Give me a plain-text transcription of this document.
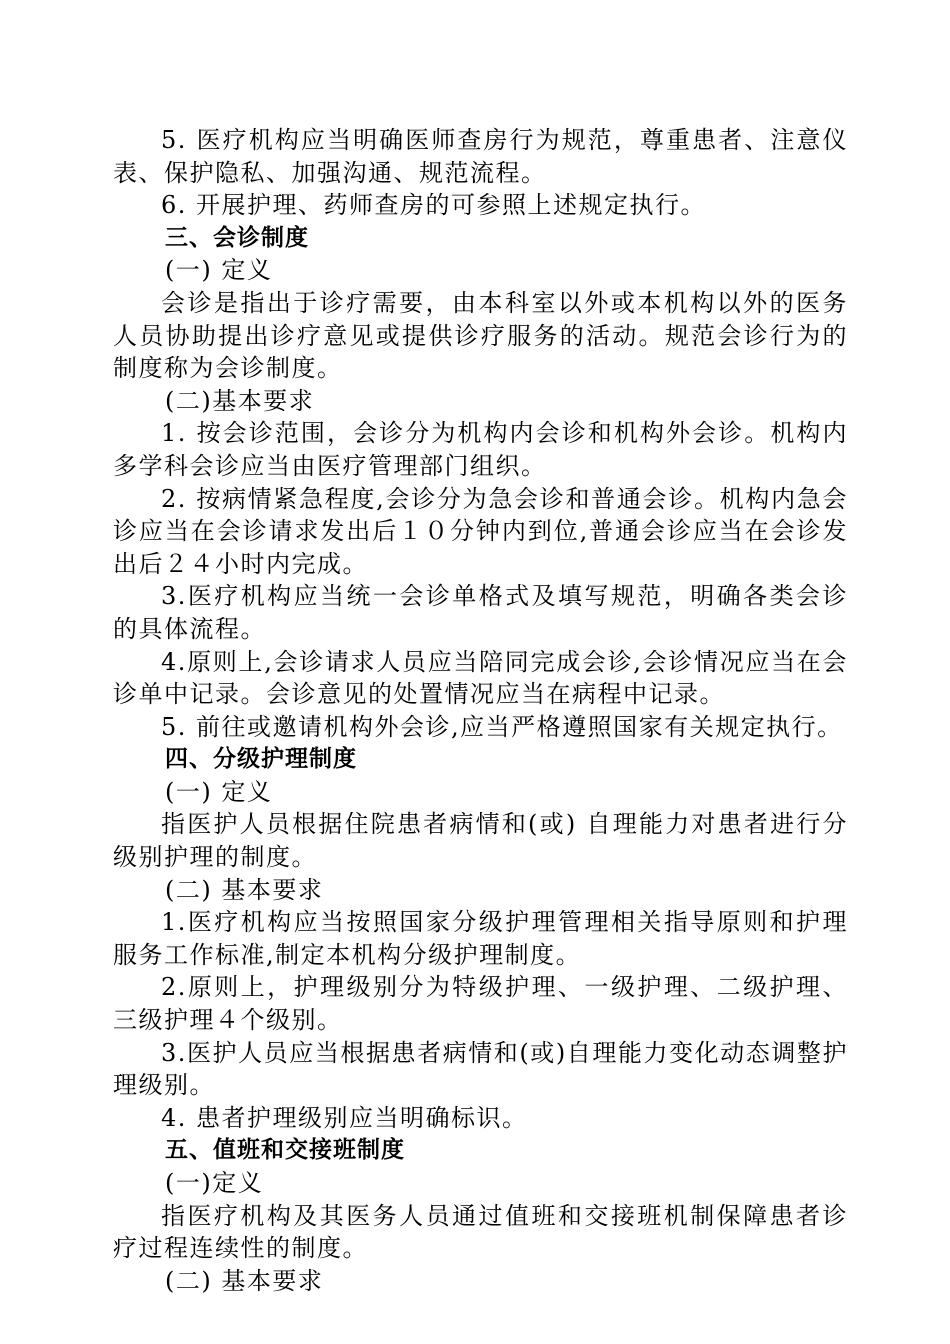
5. 医疗机构应当明确医师查房行为规范，尊重患者、注意仪表、保护隐私、加强沟通、规范流程。

6. 开展护理、药师查房的可参照上述规定执行。

三、会诊制度

(一) 定义

会诊是指出于诊疗需要，由本科室以外或本机构以外的医务人员协助提出诊疗意见或提供诊疗服务的活动。规范会诊行为的制度称为会诊制度。

(二)基本要求

1. 按会诊范围，会诊分为机构内会诊和机构外会诊。机构内多学科会诊应当由医疗管理部门组织。

2. 按病情紧急程度,会诊分为急会诊和普通会诊。机构内急会诊应当在会诊请求发出后１０分钟内到位,普通会诊应当在会诊发出后２４小时内完成。

3.医疗机构应当统一会诊单格式及填写规范，明确各类会诊的具体流程。

4.原则上,会诊请求人员应当陪同完成会诊,会诊情况应当在会诊单中记录。会诊意见的处置情况应当在病程中记录。

5. 前往或邀请机构外会诊,应当严格遵照国家有关规定执行。

四、分级护理制度

(一) 定义

指医护人员根据住院患者病情和(或) 自理能力对患者进行分级别护理的制度。

(二) 基本要求

1.医疗机构应当按照国家分级护理管理相关指导原则和护理服务工作标准,制定本机构分级护理制度。

2.原则上，护理级别分为特级护理、一级护理、二级护理、三级护理４个级别。

3.医护人员应当根据患者病情和(或)自理能力变化动态调整护理级别。

4. 患者护理级别应当明确标识。

五、值班和交接班制度

(一)定义

指医疗机构及其医务人员通过值班和交接班机制保障患者诊疗过程连续性的制度。

(二) 基本要求
